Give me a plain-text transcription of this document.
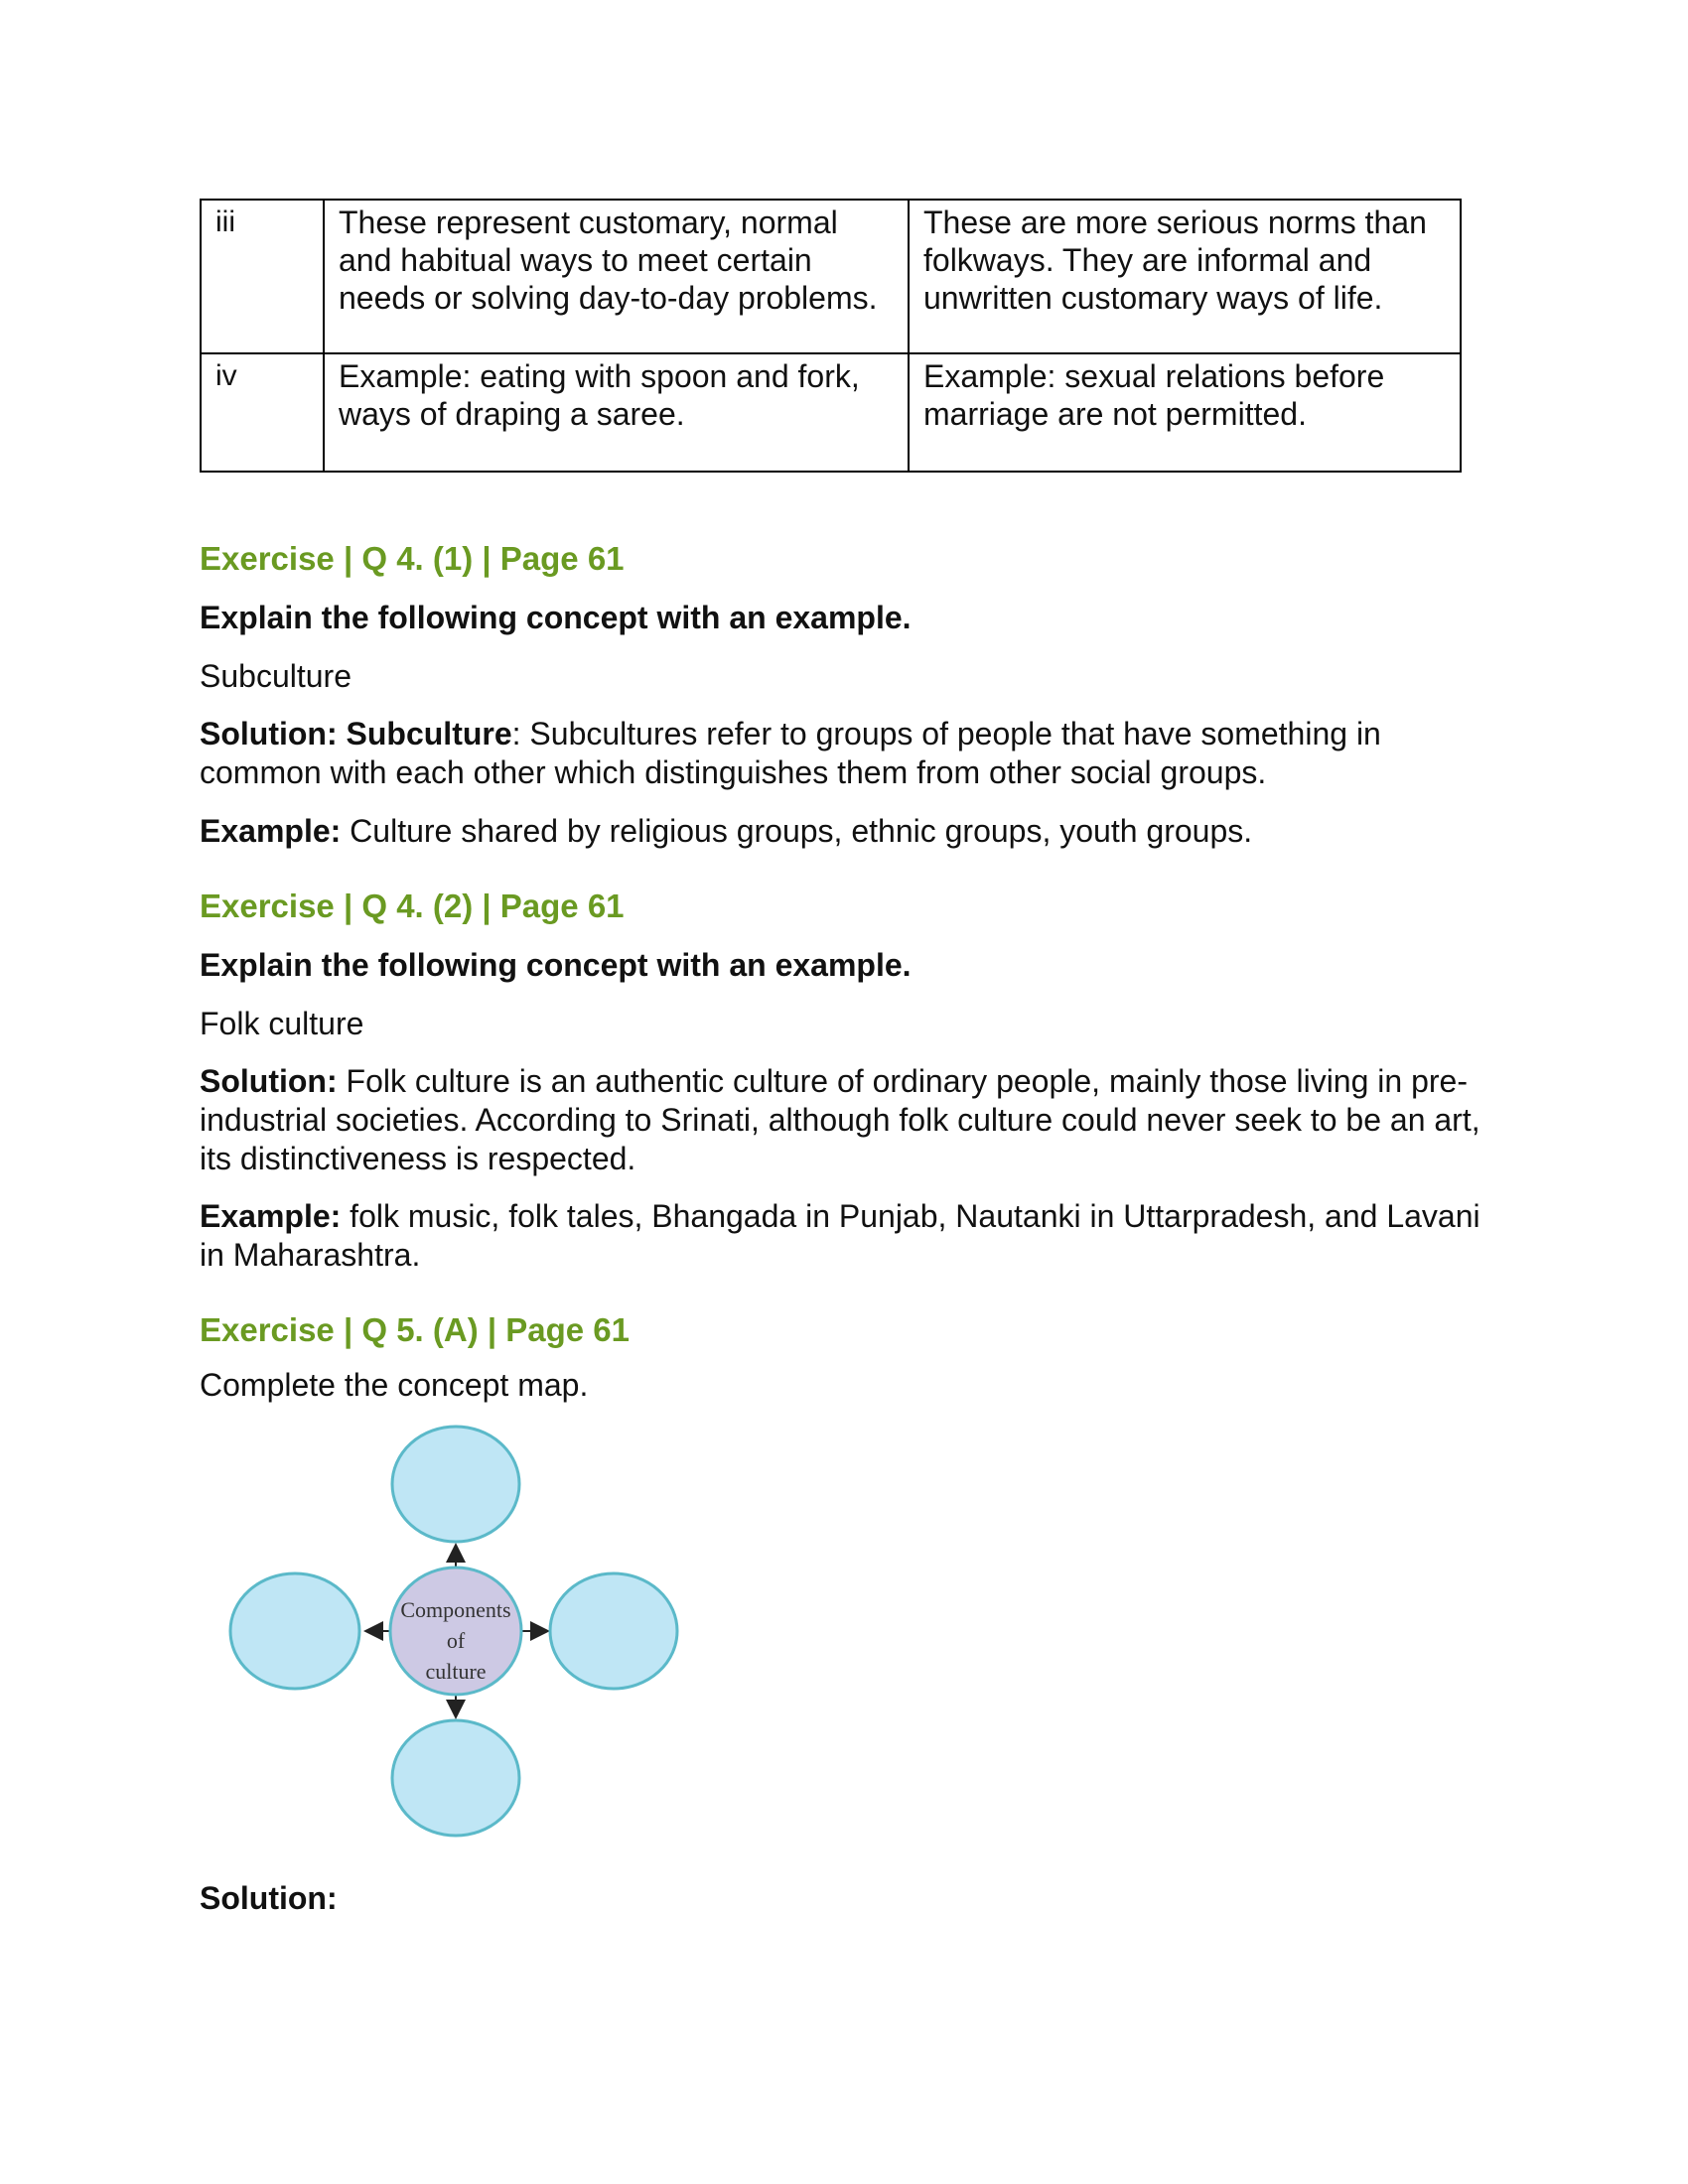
iii	These represent customary, normal and habitual ways to meet certain needs or solving day-to-day problems.	These are more serious norms than folkways. They are informal and unwritten customary ways of life.
iv	Example: eating with spoon and fork, ways of draping a saree.	Example: sexual relations before marriage are not permitted.
Exercise | Q 4. (1) | Page 61
Explain the following concept with an example.
Subculture
Solution: Subculture: Subcultures refer to groups of people that have something in common with each other which distinguishes them from other social groups.
Example: Culture shared by religious groups, ethnic groups, youth groups.
Exercise | Q 4. (2) | Page 61
Explain the following concept with an example.
Folk culture
Solution: Folk culture is an authentic culture of ordinary people, mainly those living in pre-industrial societies. According to Srinati, although folk culture could never seek to be an art, its distinctiveness is respected.
Example: folk music, folk tales, Bhangada in Punjab, Nautanki in Uttarpradesh, and Lavani in Maharashtra.
Exercise | Q 5. (A) | Page 61
Complete the concept map.
Components
of
culture
Solution:
